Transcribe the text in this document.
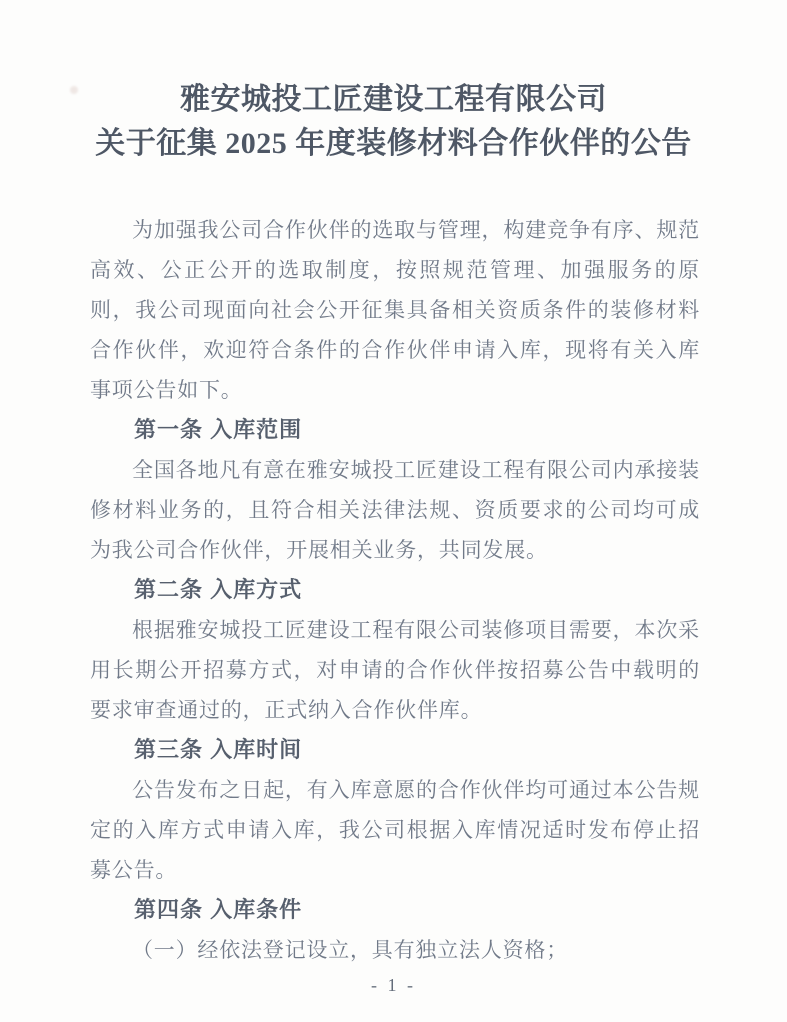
雅安城投工匠建设工程有限公司
关于征集 2025 年度装修材料合作伙伴的公告

为加强我公司合作伙伴的选取与管理，构建竞争有序、规范高效、公正公开的选取制度，按照规范管理、加强服务的原则，我公司现面向社会公开征集具备相关资质条件的装修材料合作伙伴，欢迎符合条件的合作伙伴申请入库，现将有关入库事项公告如下。

第一条 入库范围

全国各地凡有意在雅安城投工匠建设工程有限公司内承接装修材料业务的，且符合相关法律法规、资质要求的公司均可成为我公司合作伙伴，开展相关业务，共同发展。

第二条 入库方式

根据雅安城投工匠建设工程有限公司装修项目需要，本次采用长期公开招募方式，对申请的合作伙伴按招募公告中载明的要求审查通过的，正式纳入合作伙伴库。

第三条 入库时间

公告发布之日起，有入库意愿的合作伙伴均可通过本公告规定的入库方式申请入库，我公司根据入库情况适时发布停止招募公告。

第四条 入库条件

（一）经依法登记设立，具有独立法人资格；

- 1 -
